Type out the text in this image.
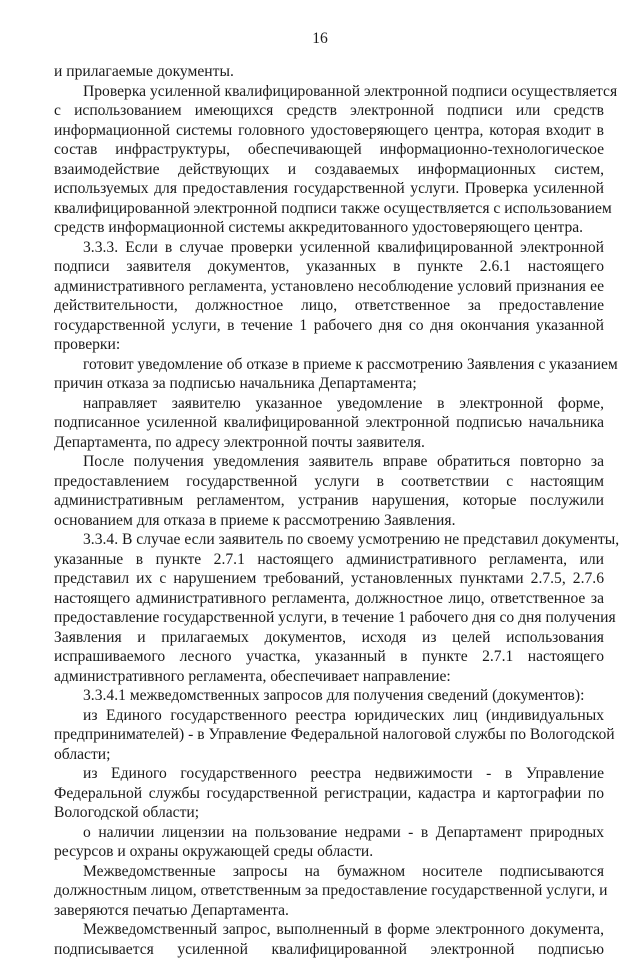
16

и прилагаемые документы.

Проверка усиленной квалифицированной электронной подписи осуществляется

с использованием имеющихся средств электронной подписи или средств

информационной системы головного удостоверяющего центра, которая входит в

состав инфраструктуры, обеспечивающей информационно-технологическое

взаимодействие действующих и создаваемых информационных систем,

используемых для предоставления государственной услуги. Проверка усиленной

квалифицированной электронной подписи также осуществляется с использованием

средств информационной системы аккредитованного удостоверяющего центра.

3.3.3. Если в случае проверки усиленной квалифицированной электронной

подписи заявителя документов, указанных в пункте 2.6.1 настоящего

административного регламента, установлено несоблюдение условий признания ее

действительности, должностное лицо, ответственное за предоставление

государственной услуги, в течение 1 рабочего дня со дня окончания указанной

проверки:

готовит уведомление об отказе в приеме к рассмотрению Заявления с указанием

причин отказа за подписью начальника Департамента;

направляет заявителю указанное уведомление в электронной форме,

подписанное усиленной квалифицированной электронной подписью начальника

Департамента, по адресу электронной почты заявителя.

После получения уведомления заявитель вправе обратиться повторно за

предоставлением государственной услуги в соответствии с настоящим

административным регламентом, устранив нарушения, которые послужили

основанием для отказа в приеме к рассмотрению Заявления.

3.3.4. В случае если заявитель по своему усмотрению не представил документы,

указанные в пункте 2.7.1 настоящего административного регламента, или

представил их с нарушением требований, установленных пунктами 2.7.5, 2.7.6

настоящего административного регламента, должностное лицо, ответственное за

предоставление государственной услуги, в течение 1 рабочего дня со дня получения

Заявления и прилагаемых документов, исходя из целей использования

испрашиваемого лесного участка, указанный в пункте 2.7.1 настоящего

административного регламента, обеспечивает направление:

3.3.4.1 межведомственных запросов для получения сведений (документов):

из Единого государственного реестра юридических лиц (индивидуальных

предпринимателей) - в Управление Федеральной налоговой службы по Вологодской

области;

из Единого государственного реестра недвижимости - в Управление

Федеральной службы государственной регистрации, кадастра и картографии по

Вологодской области;

о наличии лицензии на пользование недрами - в Департамент природных

ресурсов и охраны окружающей среды области.

Межведомственные запросы на бумажном носителе подписываются

должностным лицом, ответственным за предоставление государственной услуги, и

заверяются печатью Департамента.

Межведомственный запрос, выполненный в форме электронного документа,

подписывается усиленной квалифицированной электронной подписью
